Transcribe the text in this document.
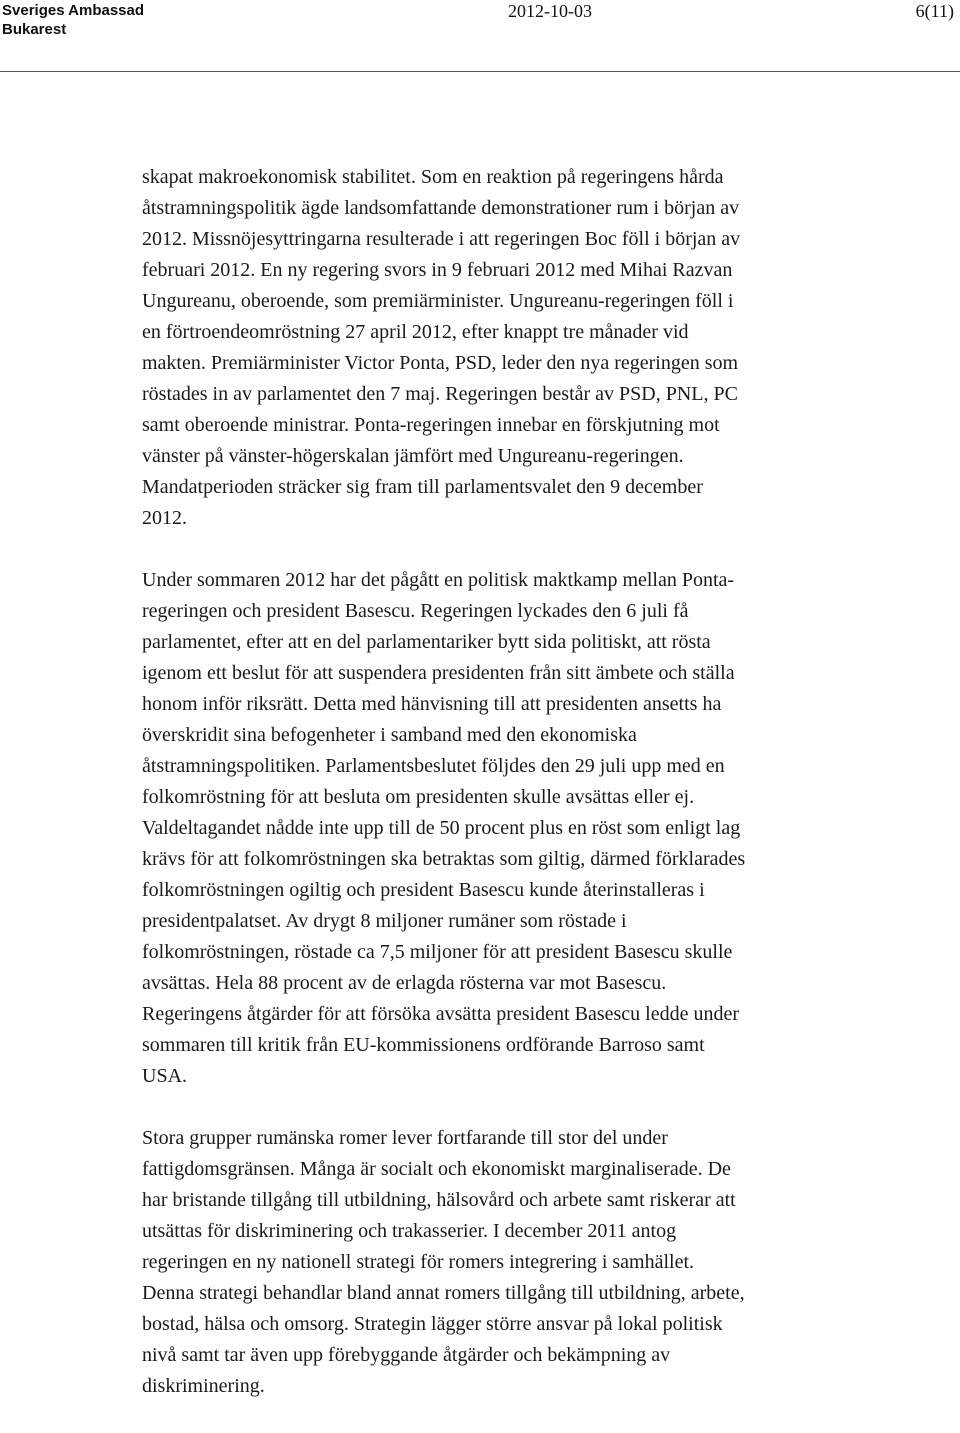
Sveriges Ambassad
Bukarest
2012-10-03	6(11)
skapat makroekonomisk stabilitet. Som en reaktion på regeringens hårda
åtstramningspolitik ägde landsomfattande demonstrationer rum i början av
2012. Missnöjesyttringarna resulterade i att regeringen Boc föll i början av
februari 2012. En ny regering svors in 9 februari 2012 med Mihai Razvan
Ungureanu, oberoende, som premiärminister. Ungureanu-regeringen föll i
en förtroendeomröstning 27 april 2012, efter knappt tre månader vid
makten. Premiärminister Victor Ponta, PSD, leder den nya regeringen som
röstades in av parlamentet den 7 maj. Regeringen består av PSD, PNL, PC
samt oberoende ministrar. Ponta-regeringen innebar en förskjutning mot
vänster på vänster-högerskalan jämfört med Ungureanu-regeringen.
Mandatperioden sträcker sig fram till parlamentsvalet den 9 december
2012.
Under sommaren 2012 har det pågått en politisk maktkamp mellan Ponta-
regeringen och president Basescu. Regeringen lyckades den 6 juli få
parlamentet, efter att en del parlamentariker bytt sida politiskt, att rösta
igenom ett beslut för att suspendera presidenten från sitt ämbete och ställa
honom inför riksrätt. Detta med hänvisning till att presidenten ansetts ha
överskridit sina befogenheter i samband med den ekonomiska
åtstramningspolitiken. Parlamentsbeslutet följdes den 29 juli upp med en
folkomröstning för att besluta om presidenten skulle avsättas eller ej.
Valdeltagandet nådde inte upp till de 50 procent plus en röst som enligt lag
krävs för att folkomröstningen ska betraktas som giltig, därmed förklarades
folkomröstningen ogiltig och president Basescu kunde återinstalleras i
presidentpalatset. Av drygt 8 miljoner rumäner som röstade i
folkomröstningen, röstade ca 7,5 miljoner för att president Basescu skulle
avsättas. Hela 88 procent av de erlagda rösterna var mot Basescu.
Regeringens åtgärder för att försöka avsätta president Basescu ledde under
sommaren till kritik från EU-kommissionens ordförande Barroso samt
USA.
Stora grupper rumänska romer lever fortfarande till stor del under
fattigdomsgränsen. Många är socialt och ekonomiskt marginaliserade. De
har bristande tillgång till utbildning, hälsovård och arbete samt riskerar att
utsättas för diskriminering och trakasserier. I december 2011 antog
regeringen en ny nationell strategi för romers integrering i samhället.
Denna strategi behandlar bland annat romers tillgång till utbildning, arbete,
bostad, hälsa och omsorg. Strategin lägger större ansvar på lokal politisk
nivå samt tar även upp förebyggande åtgärder och bekämpning av
diskriminering.
